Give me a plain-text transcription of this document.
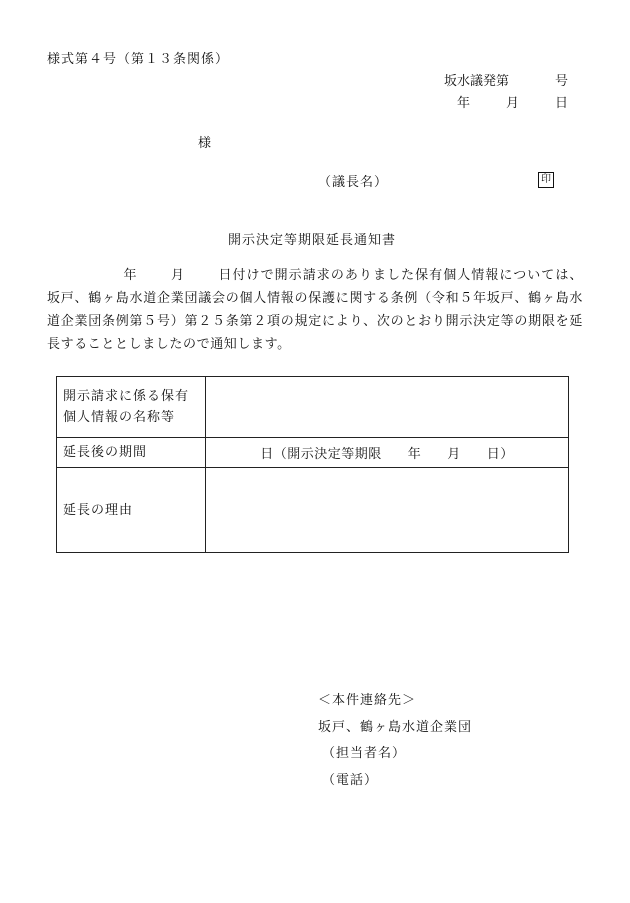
様式第４号（第１３条関係）
坂水議発第	号
年	月	日
様
（議長名）	印
開示決定等期限延長通知書
年	月	日付けで開示請求のありました保有個人情報については、坂戸、鶴ヶ島水道企業団議会の個人情報の保護に関する条例（令和５年坂戸、鶴ヶ島水道企業団条例第５号）第２５条第２項の規定により、次のとおり開示決定等の期限を延長することとしましたので通知します。
開示請求に係る保有
個人情報の名称等	

延長後の期間	日（開示決定等期限 年 月 日）
延長の理由	
＜本件連絡先＞
坂戸、鶴ヶ島水道企業団
（担当者名）
（電話）
